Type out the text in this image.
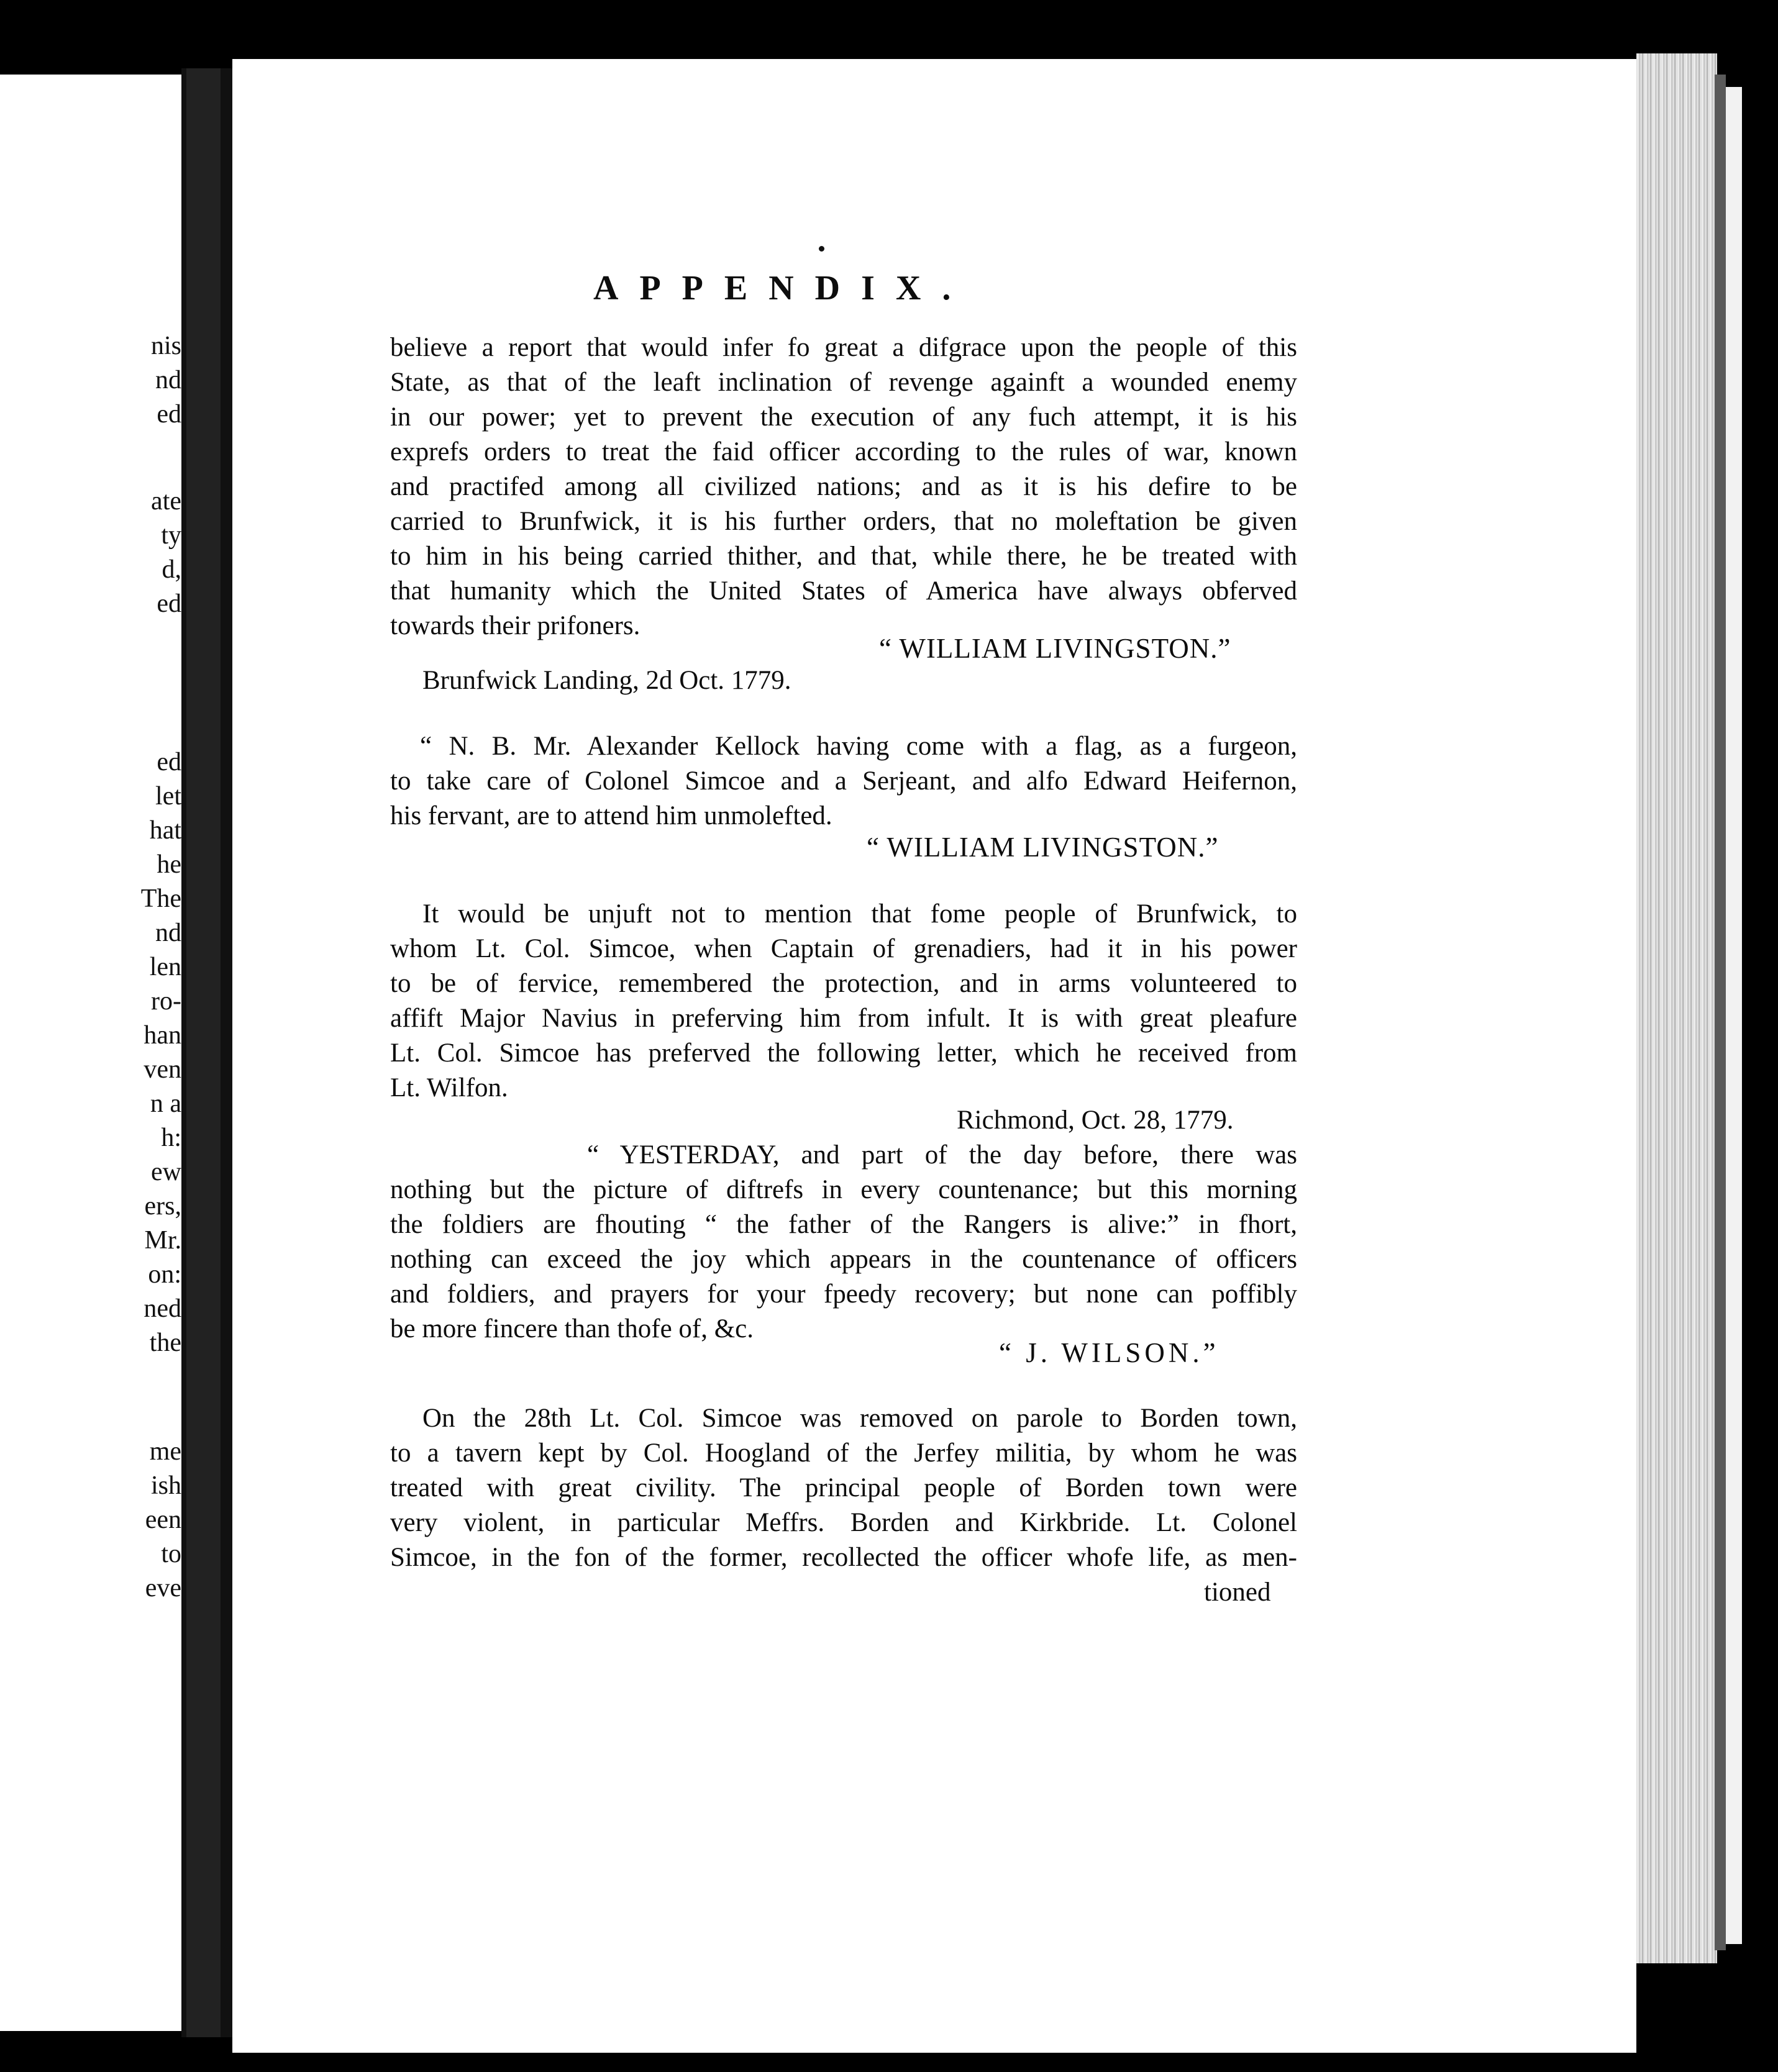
nis
nd
ed
ate
ty
d,
ed
ed
let
hat
he
The
nd
len
ro-
han
ven
n a
h:
ew
ers,
Mr.
on:
ned
the
me
ish
een
to
eve
APPENDIX.
believe a report that would infer fo great a difgrace upon the people of this
State, as that of the leaft inclination of revenge againft a wounded enemy
in our power; yet to prevent the execution of any fuch attempt, it is his
exprefs orders to treat the faid officer according to the rules of war, known
and practifed among all civilized nations; and as it is his defire to be
carried to Brunfwick, it is his further orders, that no moleftation be given
to him in his being carried thither, and that, while there, he be treated with
that humanity which the United States of America have always obferved
towards their prifoners.
“ WILLIAM LIVINGSTON.”
Brunfwick Landing, 2d Oct. 1779.
“ N. B. Mr. Alexander Kellock having come with a flag, as a furgeon,
to take care of Colonel Simcoe and a Serjeant, and alfo Edward Heifernon,
his fervant, are to attend him unmolefted.
“ WILLIAM LIVINGSTON.”
It would be unjuft not to mention that fome people of Brunfwick, to
whom Lt. Col. Simcoe, when Captain of grenadiers, had it in his power
to be of fervice, remembered the protection, and in arms volunteered to
affift Major Navius in preferving him from infult. It is with great pleafure
Lt. Col. Simcoe has preferved the following letter, which he received from
Lt. Wilfon.
Richmond, Oct. 28, 1779.
“ YESTERDAY, and part of the day before, there was
nothing but the picture of diftrefs in every countenance; but this morning
the foldiers are fhouting “ the father of the Rangers is alive:” in fhort,
nothing can exceed the joy which appears in the countenance of officers
and foldiers, and prayers for your fpeedy recovery; but none can poffibly
be more fincere than thofe of, &c.
“ J. WILSON.”
On the 28th Lt. Col. Simcoe was removed on parole to Borden town,
to a tavern kept by Col. Hoogland of the Jerfey militia, by whom he was
treated with great civility. The principal people of Borden town were
very violent, in particular Meffrs. Borden and Kirkbride. Lt. Colonel
Simcoe, in the fon of the former, recollected the officer whofe life, as men-
tioned
